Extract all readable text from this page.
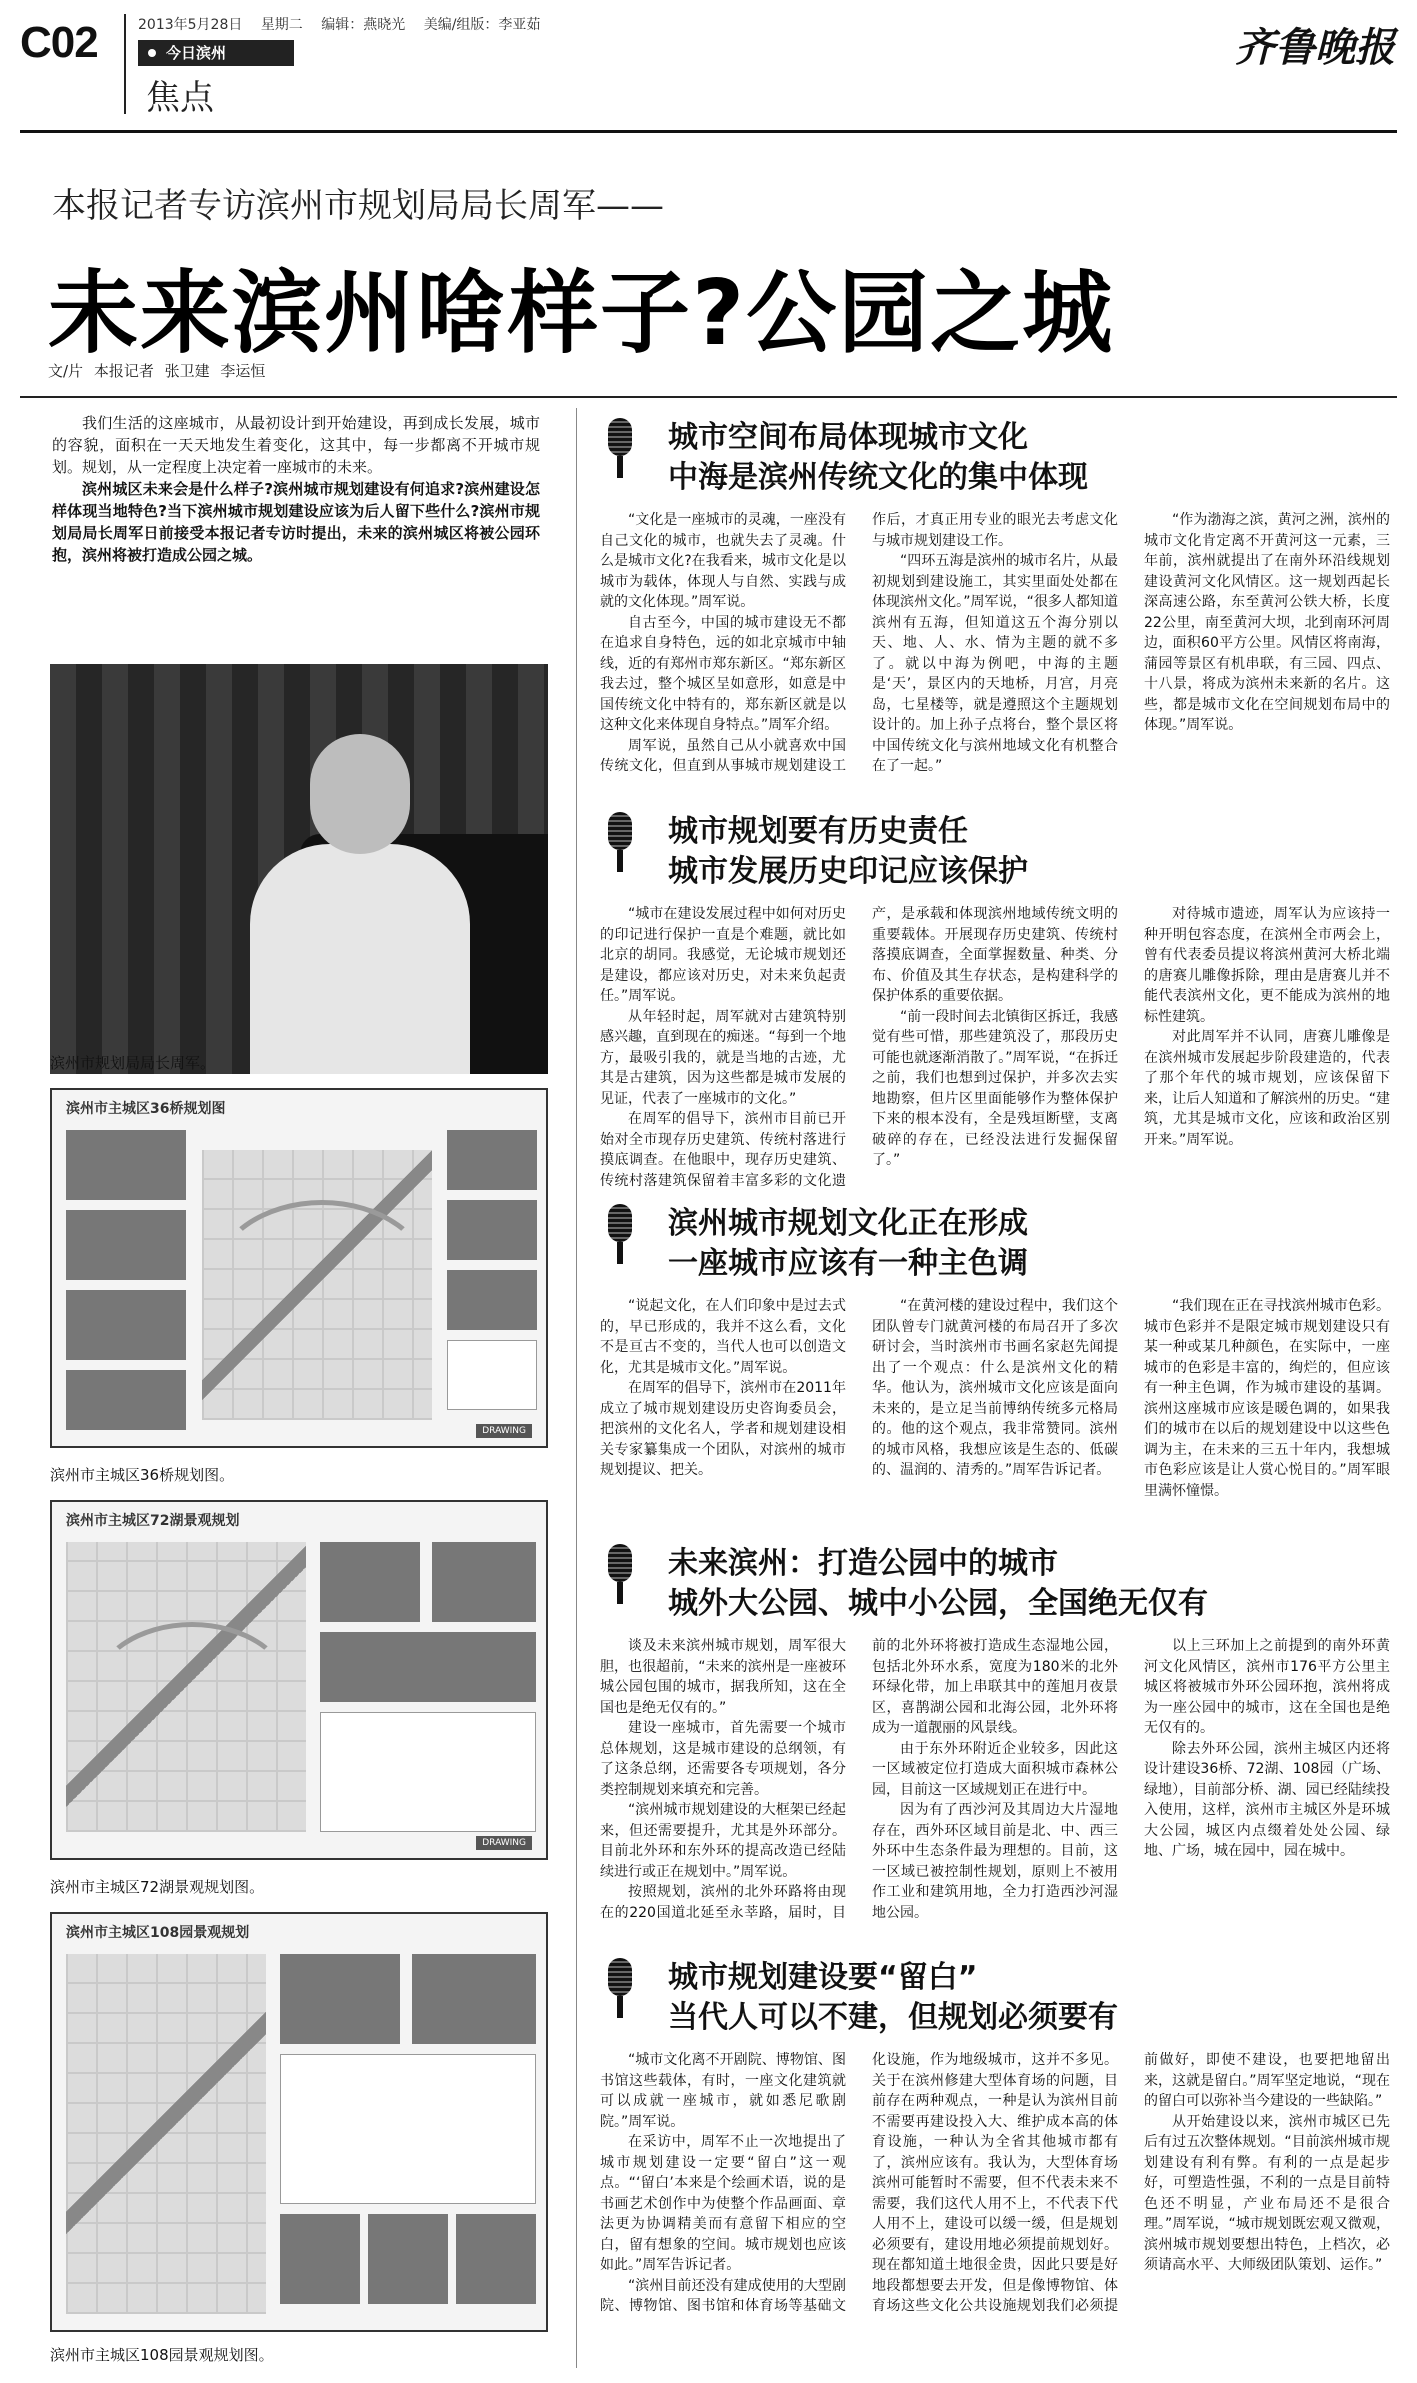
C02	2013年5月28日 星期二 编辑：燕晓光 美编/组版：李亚茹
今日滨州
焦点
齐鲁晚报
本报记者专访滨州市规划局局长周军——
未来滨州啥样子?公园之城
文/片 本报记者 张卫建 李运恒

我们生活的这座城市，从最初设计到开始建设，再到成长发展，城市的容貌，面积在一天天地发生着变化，这其中，每一步都离不开城市规划。规划，从一定程度上决定着一座城市的未来。

滨州城区未来会是什么样子?滨州城市规划建设有何追求?滨州建设怎样体现当地特色?当下滨州城市规划建设应该为后人留下些什么?滨州市规划局局长周军日前接受本报记者专访时提出，未来的滨州城区将被公园环抱，滨州将被打造成公园之城。

滨州市规划局局长周军。
滨州市主城区36桥规划图
DRAWING
滨州市主城区36桥规划图。
滨州市主城区72湖景观规划
DRAWING
滨州市主城区72湖景观规划图。
滨州市主城区108园景观规划
滨州市主城区108园景观规划图。
城市空间布局体现城市文化
中海是滨州传统文化的集中体现

“文化是一座城市的灵魂，一座没有自己文化的城市，也就失去了灵魂。什么是城市文化?在我看来，城市文化是以城市为载体，体现人与自然、实践与成就的文化体现。”周军说。

自古至今，中国的城市建设无不都在追求自身特色，远的如北京城市中轴线，近的有郑州市郑东新区。“郑东新区我去过，整个城区呈如意形，如意是中国传统文化中特有的，郑东新区就是以这种文化来体现自身特点。”周军介绍。

周军说，虽然自己从小就喜欢中国传统文化，但直到从事城市规划建设工作后，才真正用专业的眼光去考虑文化与城市规划建设工作。

“四环五海是滨州的城市名片，从最初规划到建设施工，其实里面处处都在体现滨州文化。”周军说，“很多人都知道滨州有五海，但知道这五个海分别以天、地、人、水、情为主题的就不多了。就以中海为例吧，中海的主题是‘天’，景区内的天地桥，月宫，月亮岛，七星楼等，就是遵照这个主题规划设计的。加上孙子点将台，整个景区将中国传统文化与滨州地域文化有机整合在了一起。”

“作为渤海之滨，黄河之洲，滨州的城市文化肯定离不开黄河这一元素，三年前，滨州就提出了在南外环沿线规划建设黄河文化风情区。这一规划西起长深高速公路，东至黄河公铁大桥，长度22公里，南至黄河大坝，北到南环河周边，面积60平方公里。风情区将南海，蒲园等景区有机串联，有三园、四点、十八景，将成为滨州未来新的名片。这些，都是城市文化在空间规划布局中的体现。”周军说。

城市规划要有历史责任
城市发展历史印记应该保护

“城市在建设发展过程中如何对历史的印记进行保护一直是个难题，就比如北京的胡同。我感觉，无论城市规划还是建设，都应该对历史，对未来负起责任。”周军说。

从年轻时起，周军就对古建筑特别感兴趣，直到现在的痴迷。“每到一个地方，最吸引我的，就是当地的古迹，尤其是古建筑，因为这些都是城市发展的见证，代表了一座城市的文化。”

在周军的倡导下，滨州市目前已开始对全市现存历史建筑、传统村落进行摸底调查。在他眼中，现存历史建筑、传统村落建筑保留着丰富多彩的文化遗产，是承载和体现滨州地域传统文明的重要载体。开展现存历史建筑、传统村落摸底调查，全面掌握数量、种类、分布、价值及其生存状态，是构建科学的保护体系的重要依据。

“前一段时间去北镇街区拆迁，我感觉有些可惜，那些建筑没了，那段历史可能也就逐渐消散了。”周军说，“在拆迁之前，我们也想到过保护，并多次去实地勘察，但片区里面能够作为整体保护下来的根本没有，全是残垣断壁，支离破碎的存在，已经没法进行发掘保留了。”

对待城市遗迹，周军认为应该持一种开明包容态度，在滨州全市两会上，曾有代表委员提议将滨州黄河大桥北端的唐赛儿雕像拆除，理由是唐赛儿并不能代表滨州文化，更不能成为滨州的地标性建筑。

对此周军并不认同，唐赛儿雕像是在滨州城市发展起步阶段建造的，代表了那个年代的城市规划，应该保留下来，让后人知道和了解滨州的历史。“建筑，尤其是城市文化，应该和政治区别开来。”周军说。

滨州城市规划文化正在形成
一座城市应该有一种主色调

“说起文化，在人们印象中是过去式的，早已形成的，我并不这么看，文化不是亘古不变的，当代人也可以创造文化，尤其是城市文化。”周军说。

在周军的倡导下，滨州市在2011年成立了城市规划建设历史咨询委员会，把滨州的文化名人，学者和规划建设相关专家纂集成一个团队，对滨州的城市规划提议、把关。

“在黄河楼的建设过程中，我们这个团队曾专门就黄河楼的布局召开了多次研讨会，当时滨州市书画名家赵先闻提出了一个观点：什么是滨州文化的精华。他认为，滨州城市文化应该是面向未来的，是立足当前博纳传统多元格局的。他的这个观点，我非常赞同。滨州的城市风格，我想应该是生态的、低碳的、温润的、清秀的。”周军告诉记者。

“我们现在正在寻找滨州城市色彩。城市色彩并不是限定城市规划建设只有某一种或某几种颜色，在实际中，一座城市的色彩是丰富的，绚烂的，但应该有一种主色调，作为城市建设的基调。滨州这座城市应该是暖色调的，如果我们的城市在以后的规划建设中以这些色调为主，在未来的三五十年内，我想城市色彩应该是让人赏心悦目的。”周军眼里满怀憧憬。

未来滨州：打造公园中的城市
城外大公园、城中小公园，全国绝无仅有

谈及未来滨州城市规划，周军很大胆，也很超前，“未来的滨州是一座被环城公园包围的城市，据我所知，这在全国也是绝无仅有的。”

建设一座城市，首先需要一个城市总体规划，这是城市建设的总纲领，有了这条总纲，还需要各专项规划，各分类控制规划来填充和完善。

“滨州城市规划建设的大框架已经起来，但还需要提升，尤其是外环部分。目前北外环和东外环的提高改造已经陆续进行或正在规划中。”周军说。

按照规划，滨州的北外环路将由现在的220国道北延至永莘路，届时，目前的北外环将被打造成生态湿地公园，包括北外环水系，宽度为180米的北外环绿化带，加上串联其中的莲旭月夜景区，喜鹊湖公园和北海公园，北外环将成为一道靓丽的风景线。

由于东外环附近企业较多，因此这一区域被定位打造成大面积城市森林公园，目前这一区域规划正在进行中。

因为有了西沙河及其周边大片湿地存在，西外环区域目前是北、中、西三外环中生态条件最为理想的。目前，这一区域已被控制性规划，原则上不被用作工业和建筑用地，全力打造西沙河湿地公园。

以上三环加上之前提到的南外环黄河文化风情区，滨州市176平方公里主城区将被城市外环公园环抱，滨州将成为一座公园中的城市，这在全国也是绝无仅有的。

除去外环公园，滨州主城区内还将设计建设36桥、72湖、108园（广场、绿地），目前部分桥、湖、园已经陆续投入使用，这样，滨州市主城区外是环城大公园，城区内点缀着处处公园、绿地、广场，城在园中，园在城中。

城市规划建设要“留白”
当代人可以不建，但规划必须要有

“城市文化离不开剧院、博物馆、图书馆这些载体，有时，一座文化建筑就可以成就一座城市，就如悉尼歌剧院。”周军说。

在采访中，周军不止一次地提出了城市规划建设一定要“留白”这一观点。“‘留白’本来是个绘画术语，说的是书画艺术创作中为使整个作品画面、章法更为协调精美而有意留下相应的空白，留有想象的空间。城市规划也应该如此。”周军告诉记者。

“滨州目前还没有建成使用的大型剧院、博物馆、图书馆和体育场等基础文化设施，作为地级城市，这并不多见。关于在滨州修建大型体育场的问题，目前存在两种观点，一种是认为滨州目前不需要再建设投入大、维护成本高的体育设施，一种认为全省其他城市都有了，滨州应该有。我认为，大型体育场滨州可能暂时不需要，但不代表未来不需要，我们这代人用不上，不代表下代人用不上，建设可以缓一缓，但是规划必须要有，建设用地必须提前规划好。现在都知道土地很金贵，因此只要是好地段都想要去开发，但是像博物馆、体育场这些文化公共设施规划我们必须提前做好，即使不建设，也要把地留出来，这就是留白。”周军坚定地说，“现在的留白可以弥补当今建设的一些缺陷。”

从开始建设以来，滨州市城区已先后有过五次整体规划。“目前滨州城市规划建设有利有弊。有利的一点是起步好，可塑造性强，不利的一点是目前特色还不明显，产业布局还不是很合理。”周军说，“城市规划既宏观又微观，滨州城市规划要想出特色，上档次，必须请高水平、大师级团队策划、运作。”
